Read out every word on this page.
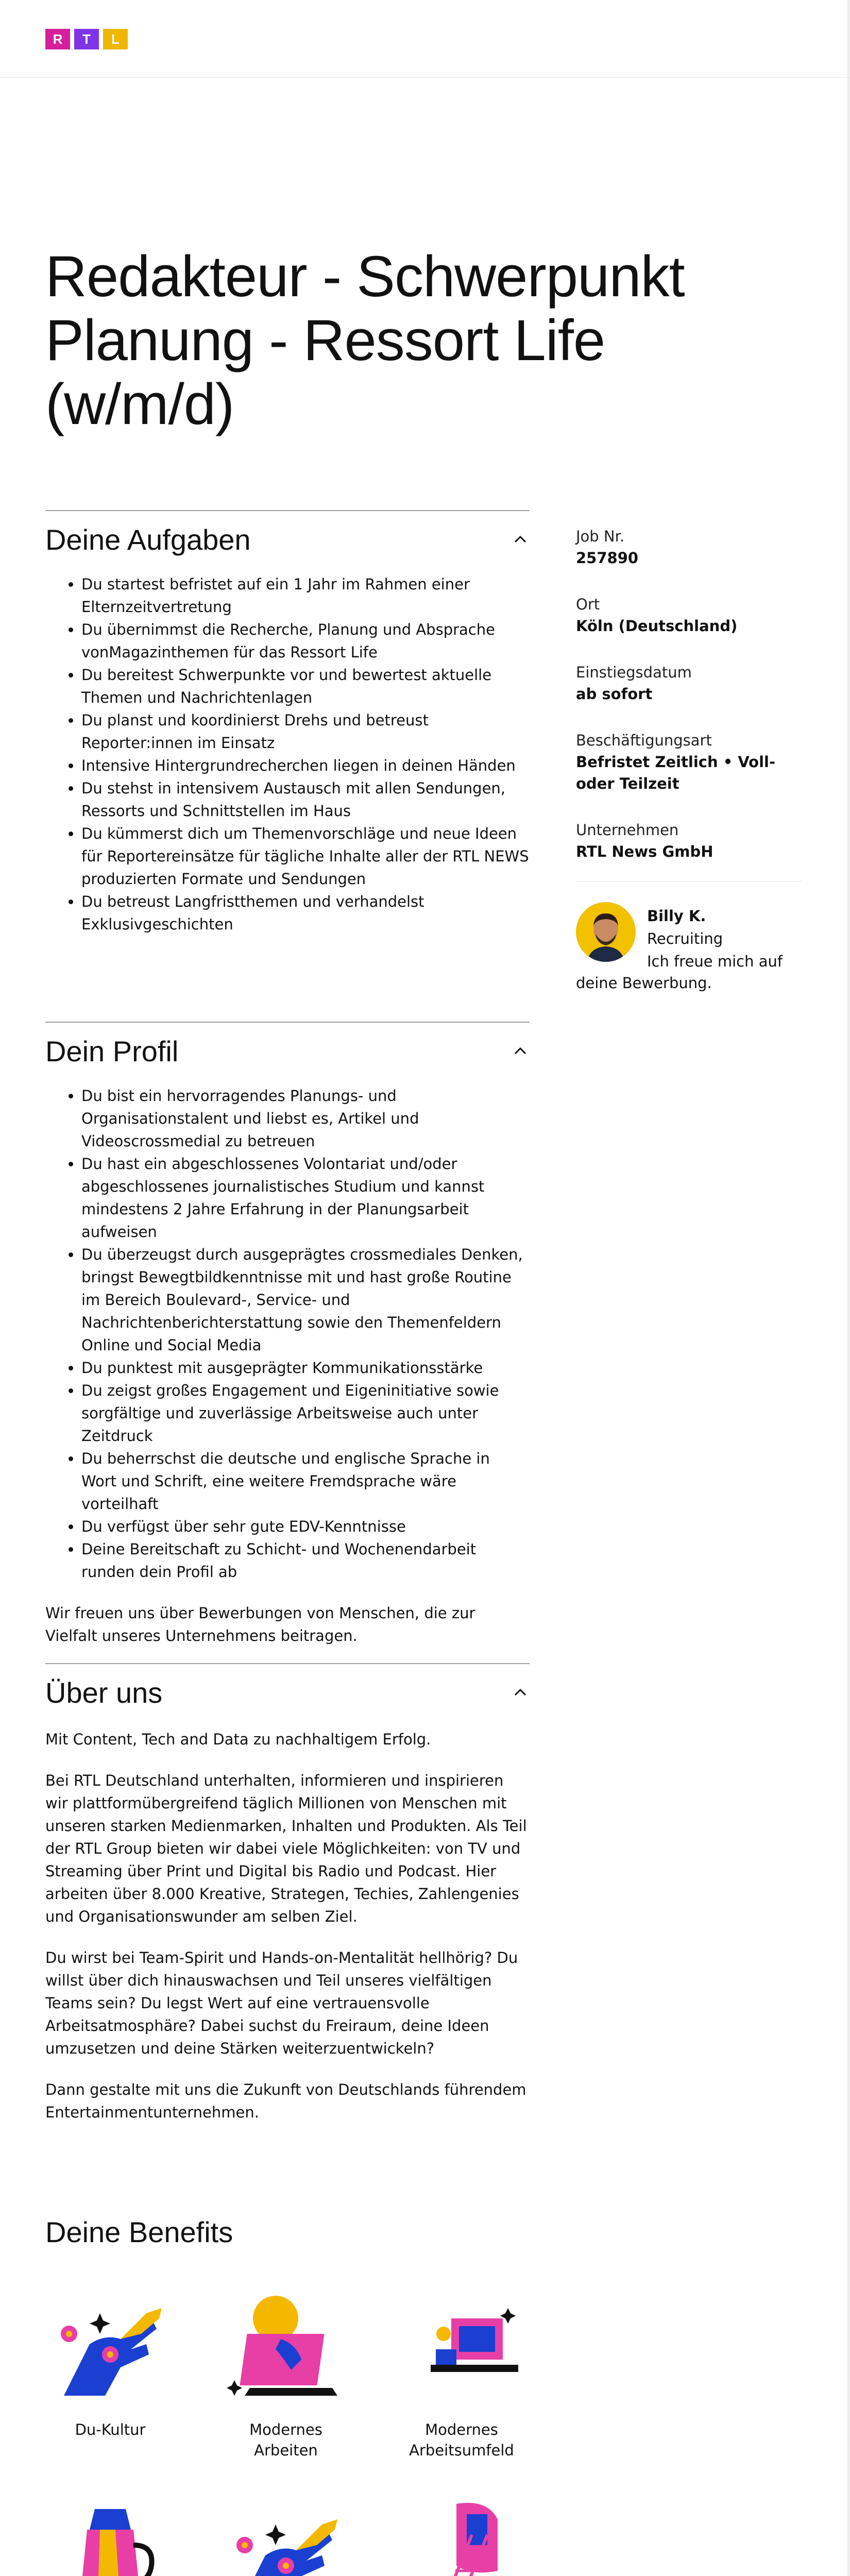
R	T	L
Redakteur - Schwerpunkt Planung - Ressort Life (w/m/d)
Deine Aufgaben
• Du startest befristet auf ein 1 Jahr im Rahmen einer Elternzeitvertretung
• Du übernimmst die Recherche, Planung und Absprache vonMagazinthemen für das Ressort Life
• Du bereitest Schwerpunkte vor und bewertest aktuelle Themen und Nachrichtenlagen
• Du planst und koordinierst Drehs und betreust Reporter:innen im Einsatz
• Intensive Hintergrundrecherchen liegen in deinen Händen
• Du stehst in intensivem Austausch mit allen Sendungen, Ressorts und Schnittstellen im Haus
• Du kümmerst dich um Themenvorschläge und neue Ideen für Reportereinsätze für tägliche Inhalte aller der RTL NEWS produzierten Formate und Sendungen
• Du betreust Langfristthemen und verhandelst Exklusivgeschichten
Dein Profil
• Du bist ein hervorragendes Planungs- und Organisationstalent und liebst es, Artikel und Videoscrossmedial zu betreuen
• Du hast ein abgeschlossenes Volontariat und/oder abgeschlossenes journalistisches Studium und kannst mindestens 2 Jahre Erfahrung in der Planungsarbeit aufweisen
• Du überzeugst durch ausgeprägtes crossmediales Denken, bringst Bewegtbildkenntnisse mit und hast große Routine im Bereich Boulevard-, Service- und Nachrichtenberichterstattung sowie den Themenfeldern Online und Social Media
• Du punktest mit ausgeprägter Kommunikationsstärke
• Du zeigst großes Engagement und Eigeninitiative sowie sorgfältige und zuverlässige Arbeitsweise auch unter Zeitdruck
• Du beherrschst die deutsche und englische Sprache in Wort und Schrift, eine weitere Fremdsprache wäre vorteilhaft
• Du verfügst über sehr gute EDV-Kenntnisse
• Deine Bereitschaft zu Schicht- und Wochenendarbeit runden dein Profil ab

Wir freuen uns über Bewerbungen von Menschen, die zur Vielfalt unseres Unternehmens beitragen.

Über uns

Mit Content, Tech and Data zu nachhaltigem Erfolg.

Bei RTL Deutschland unterhalten, informieren und inspirieren wir plattformübergreifend täglich Millionen von Menschen mit unseren starken Medienmarken, Inhalten und Produkten. Als Teil der RTL Group bieten wir dabei viele Möglichkeiten: von TV und Streaming über Print und Digital bis Radio und Podcast. Hier arbeiten über 8.000 Kreative, Strategen, Techies, Zahlengenies und Organisationswunder am selben Ziel.

Du wirst bei Team-Spirit und Hands-on-Mentalität hellhörig? Du willst über dich hinauswachsen und Teil unseres vielfältigen Teams sein? Du legst Wert auf eine vertrauensvolle Arbeitsatmosphäre? Dabei suchst du Freiraum, deine Ideen umzusetzen und deine Stärken weiterzuentwickeln?

Dann gestalte mit uns die Zukunft von Deutschlands führendem Entertainmentunternehmen.

Job Nr.
257890
Ort
Köln (Deutschland)
Einstiegsdatum
ab sofort
Beschäftigungsart
Befristet Zeitlich • Voll- oder Teilzeit
Unternehmen
RTL News GmbH
Billy K.
Recruiting
Ich freue mich auf deine Bewerbung.
Deine Benefits
Du-Kultur	Modernes Arbeiten
Modernes Arbeitsumfeld
